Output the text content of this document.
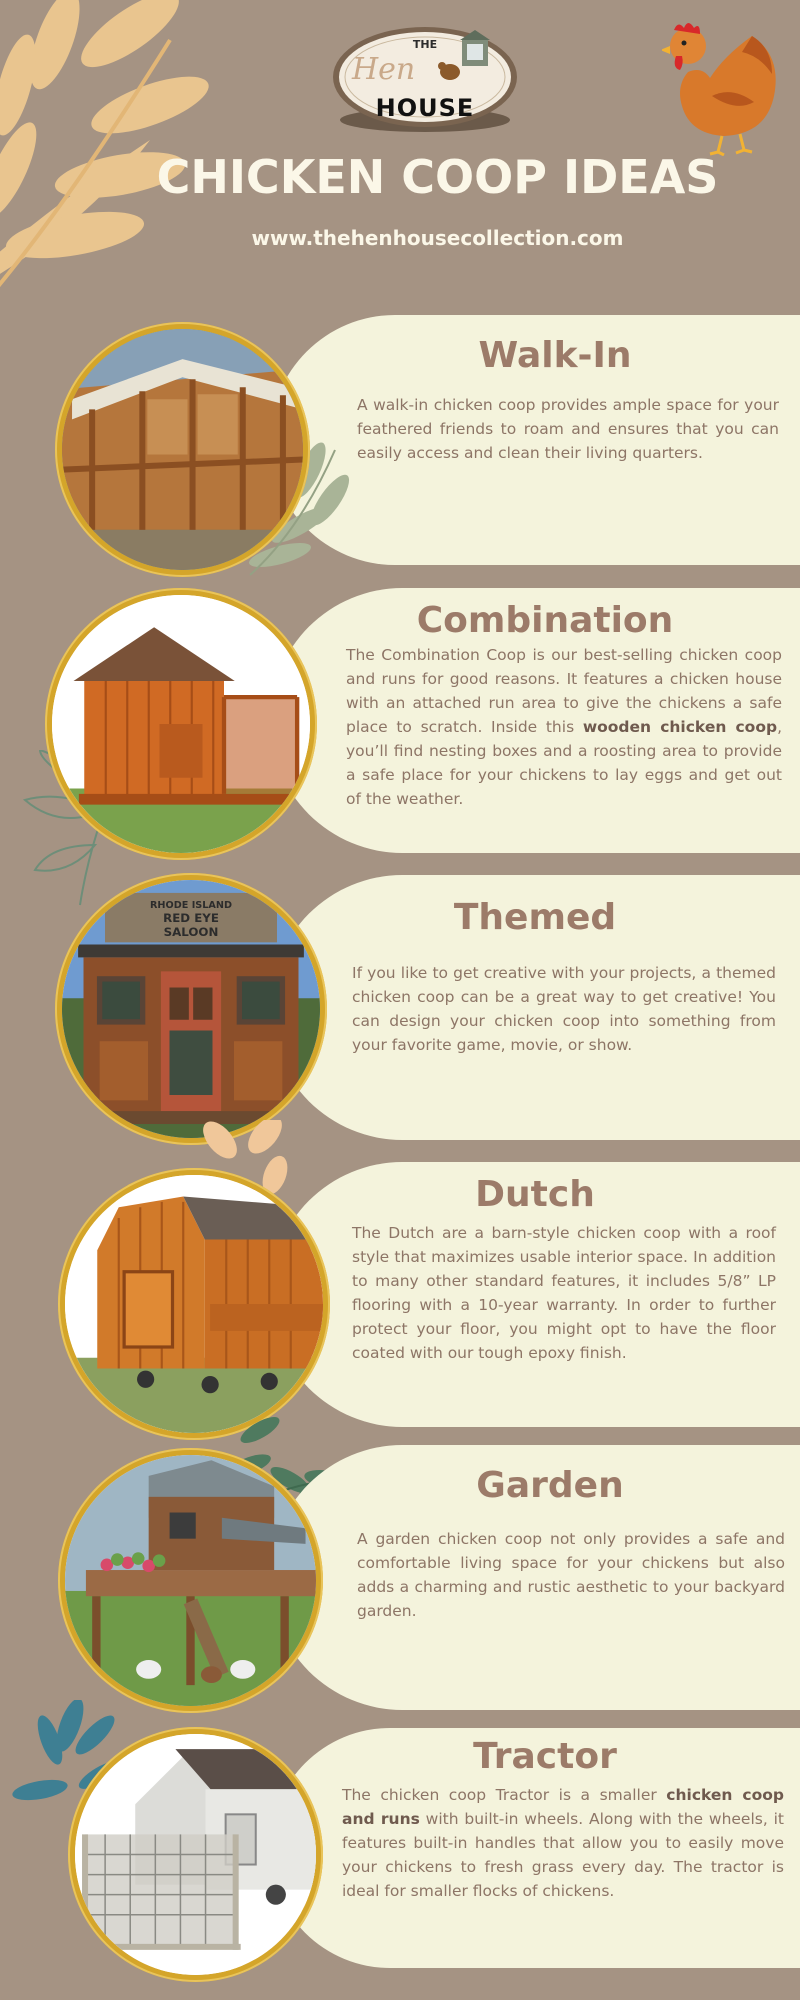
THE
Hen
HOUSE
CHICKEN COOP IDEAS
www.thehenhousecollection.com
Walk-In
A walk-in chicken coop provides ample space for your feathered friends to roam and ensures that you can easily access and clean their living quarters.
Combination
The Combination Coop is our best-selling chicken coop and runs for good reasons. It features a chicken house with an attached run area to give the chickens a safe place to scratch. Inside this wooden chicken coop, you’ll find nesting boxes and a roosting area to provide a safe place for your chickens to lay eggs and get out of the weather.
Themed
If you like to get creative with your projects, a themed chicken coop can be a great way to get creative! You can design your chicken coop into something from your favorite game, movie, or show.
RHODE ISLAND
RED EYE
SALOON
Dutch
The Dutch are a barn-style chicken coop with a roof style that maximizes usable interior space. In addition to many other standard features, it includes 5/8” LP flooring with a 10-year warranty. In order to further protect your floor, you might opt to have the floor coated with our tough epoxy finish.
Garden
A garden chicken coop not only provides a safe and comfortable living space for your chickens but also adds a charming and rustic aesthetic to your backyard garden.
Tractor
The chicken coop Tractor is a smaller chicken coop and runs with built-in wheels. Along with the wheels, it features built-in handles that allow you to easily move your chickens to fresh grass every day. The tractor is ideal for smaller flocks of chickens.
